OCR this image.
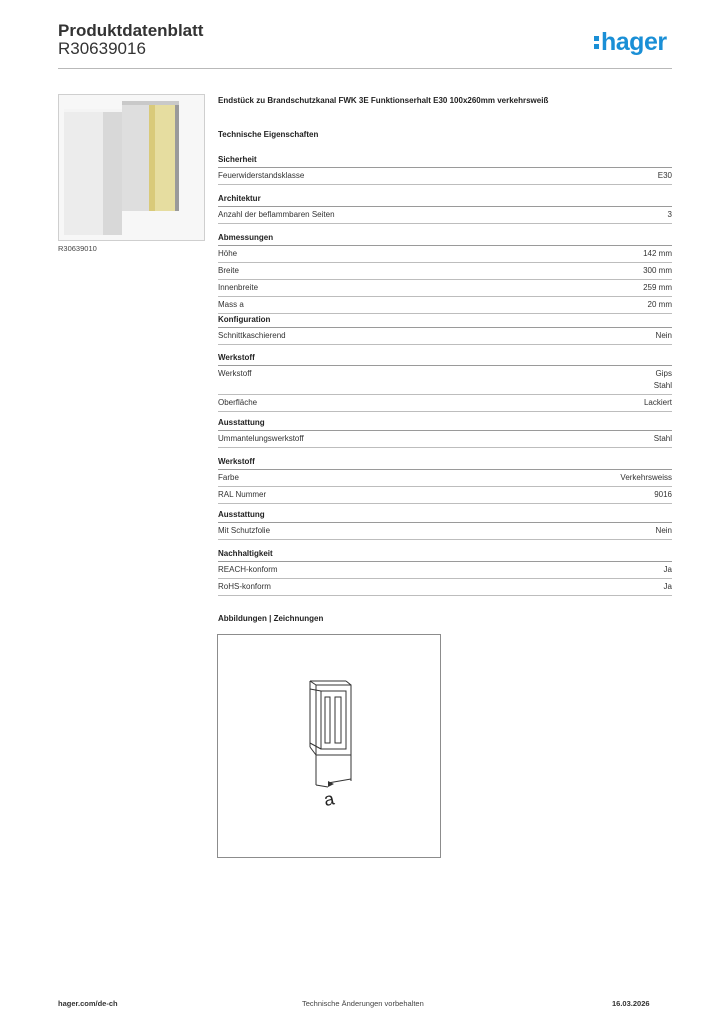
Produktdatenblatt
R30639016	hager
R30639010
Endstück zu Brandschutzkanal FWK 3E Funktionserhalt E30 100x260mm verkehrsweiß
Technische Eigenschaften
Sicherheit
Feuerwiderstandsklasse	E30
Architektur
Anzahl der beflammbaren Seiten	3
Abmessungen
Höhe	142 mm
Breite	300 mm
Innenbreite	259 mm
Mass a	20 mm
Konfiguration
Schnittkaschierend	Nein
Werkstoff
Werkstoff	Gips
Stahl
Oberfläche	Lackiert
Ausstattung
Ummantelungswerkstoff	Stahl
Werkstoff
Farbe	Verkehrsweiss
RAL Nummer	9016
Ausstattung
Mit Schutzfolie	Nein
Nachhaltigkeit
REACH-konform	Ja
RoHS-konform	Ja
Abbildungen | Zeichnungen
a
hager.com/de-ch	Technische Änderungen vorbehalten	16.03.2026
